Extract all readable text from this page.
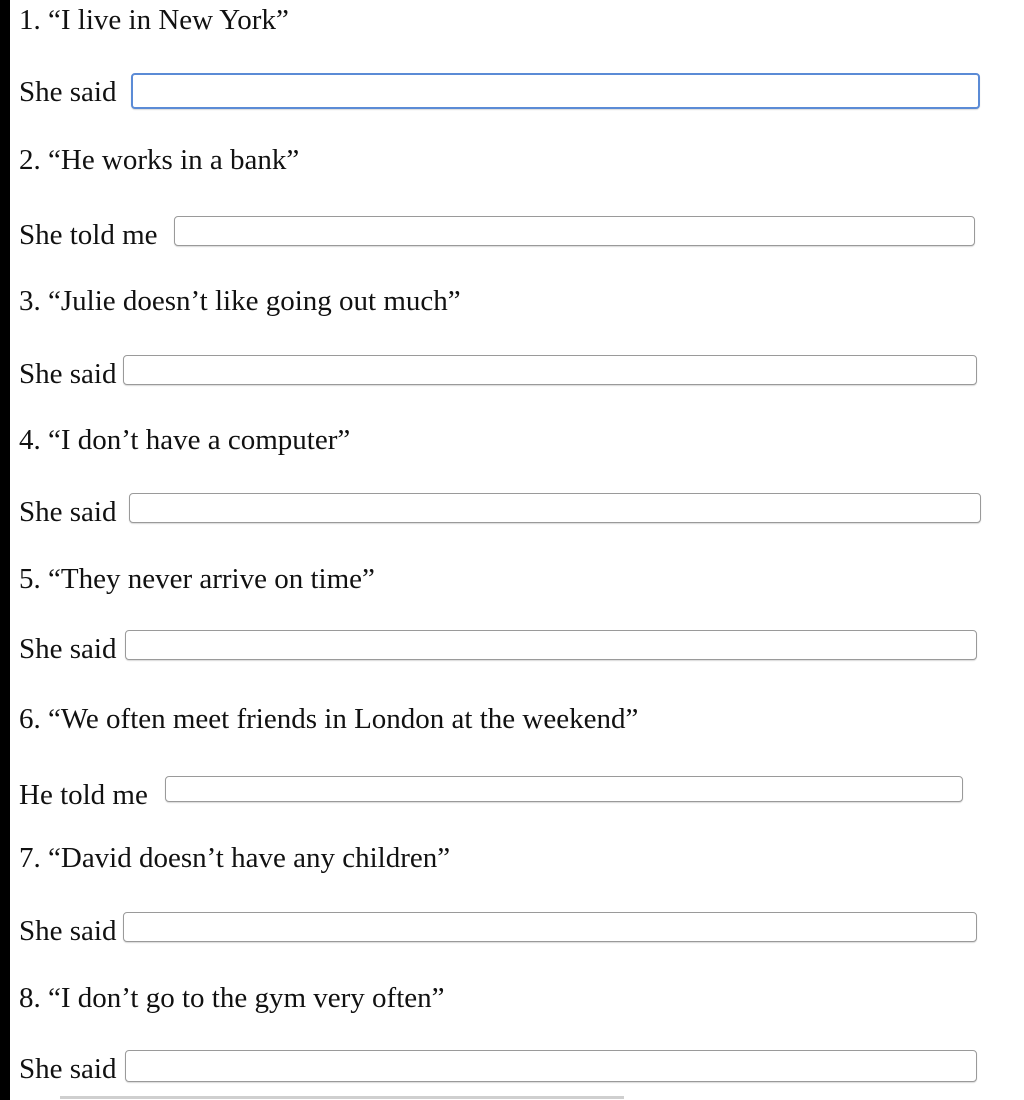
1. “I live in New York”
She said
2. “He works in a bank”
She told me
3. “Julie doesn’t like going out much”
She said
4. “I don’t have a computer”
She said
5. “They never arrive on time”
She said
6. “We often meet friends in London at the weekend”
He told me
7. “David doesn’t have any children”
She said
8. “I don’t go to the gym very often”
She said
